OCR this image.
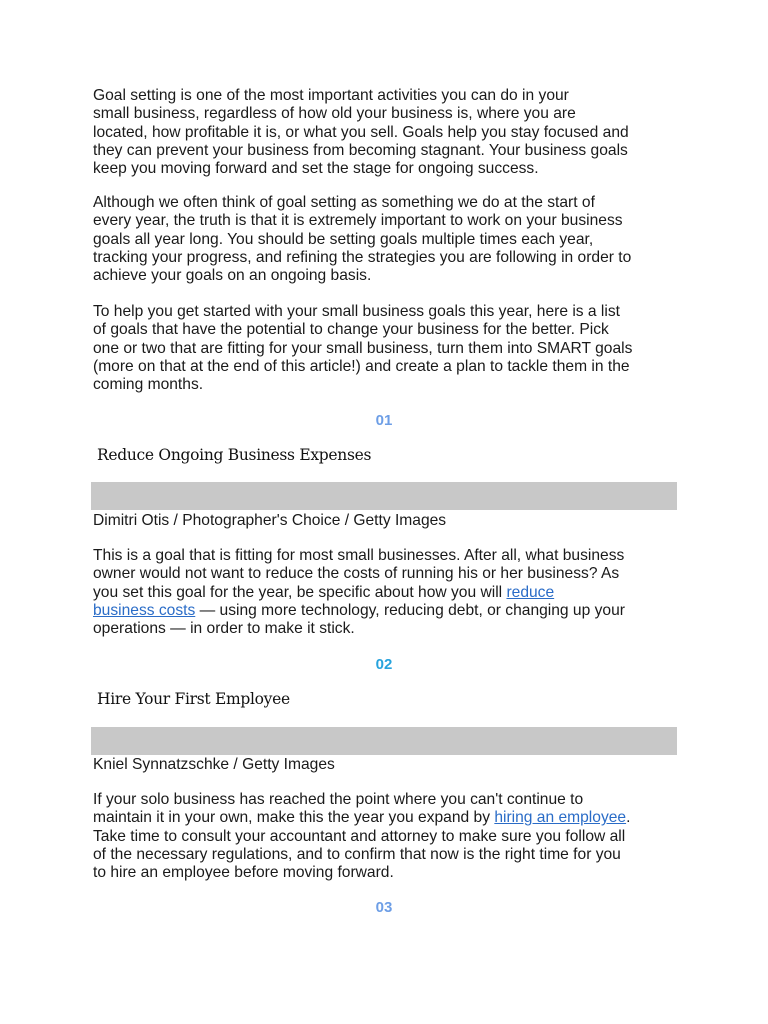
Goal setting is one of the most important activities you can do in your

small business, regardless of how old your business is, where you are

located, how profitable it is, or what you sell. Goals help you stay focused and

they can prevent your business from becoming stagnant. Your business goals

keep you moving forward and set the stage for ongoing success.

Although we often think of goal setting as something we do at the start of

every year, the truth is that it is extremely important to work on your business

goals all year long. You should be setting goals multiple times each year,

tracking your progress, and refining the strategies you are following in order to

achieve your goals on an ongoing basis.

To help you get started with your small business goals this year, here is a list

of goals that have the potential to change your business for the better. Pick

one or two that are fitting for your small business, turn them into SMART goals

(more on that at the end of this article!) and create a plan to tackle them in the

coming months.

01
Reduce Ongoing Business Expenses
Dimitri Otis / Photographer's Choice / Getty Images

This is a goal that is fitting for most small businesses. After all, what business

owner would not want to reduce the costs of running his or her business? As

you set this goal for the year, be specific about how you will reduce

business costs — using more technology, reducing debt, or changing up your

operations — in order to make it stick.

02
Hire Your First Employee
Kniel Synnatzschke / Getty Images

If your solo business has reached the point where you can't continue to

maintain it in your own, make this the year you expand by hiring an employee.

Take time to consult your accountant and attorney to make sure you follow all

of the necessary regulations, and to confirm that now is the right time for you

to hire an employee before moving forward.

03
